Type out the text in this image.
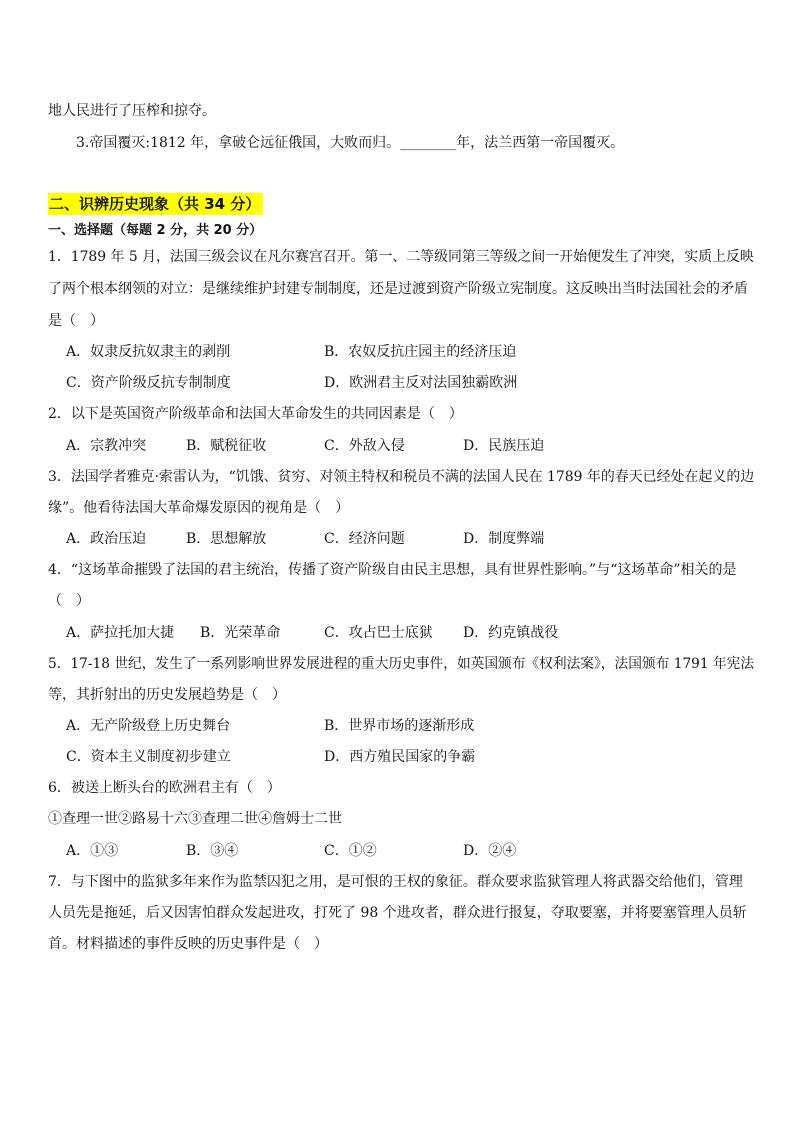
地人民进行了压榨和掠夺。
3.帝国覆灭:1812 年，拿破仑远征俄国，大败而归。________年，法兰西第一帝国覆灭。
二、识辨历史现象（共 34 分）
一、选择题（每题 2 分，共 20 分）
1．1789 年 5 月，法国三级会议在凡尔赛宫召开。第一、二等级同第三等级之间一开始便发生了冲突，实质上反映
了两个根本纲领的对立：是继续维护封建专制制度，还是过渡到资产阶级立宪制度。这反映出当时法国社会的矛盾
是（　）
A．奴隶反抗奴隶主的剥削	B．农奴反抗庄园主的经济压迫
C．资产阶级反抗专制制度	D．欧洲君主反对法国独霸欧洲
2．以下是英国资产阶级革命和法国大革命发生的共同因素是（　）
A．宗教冲突	B．赋税征收	C．外敌入侵	D．民族压迫
3．法国学者雅克·索雷认为，“饥饿、贫穷、对领主特权和税员不满的法国人民在 1789 年的春天已经处在起义的边
缘”。他看待法国大革命爆发原因的视角是（　）
A．政治压迫	B．思想解放	C．经济问题	D．制度弊端
4．“这场革命摧毁了法国的君主统治，传播了资产阶级自由民主思想，具有世界性影响。”与“这场革命”相关的是
（　）
A．萨拉托加大捷 B．光荣革命	C．攻占巴士底狱 D．约克镇战役
5．17-18 世纪，发生了一系列影响世界发展进程的重大历史事件，如英国颁布《权利法案》，法国颁布 1791 年宪法
等，其折射出的历史发展趋势是（　）
A．无产阶级登上历史舞台	B．世界市场的逐渐形成
C．资本主义制度初步建立	D．西方殖民国家的争霸
6．被送上断头台的欧洲君主有（　）
①查理一世②路易十六③查理二世④詹姆士二世
A．①③	B．③④	C．①②	D．②④
7．与下图中的监狱多年来作为监禁囚犯之用，是可恨的王权的象征。群众要求监狱管理人将武器交给他们，管理
人员先是拖延，后又因害怕群众发起进攻，打死了 98 个进攻者，群众进行报复，夺取要塞，并将要塞管理人员斩
首。材料描述的事件反映的历史事件是（　）
